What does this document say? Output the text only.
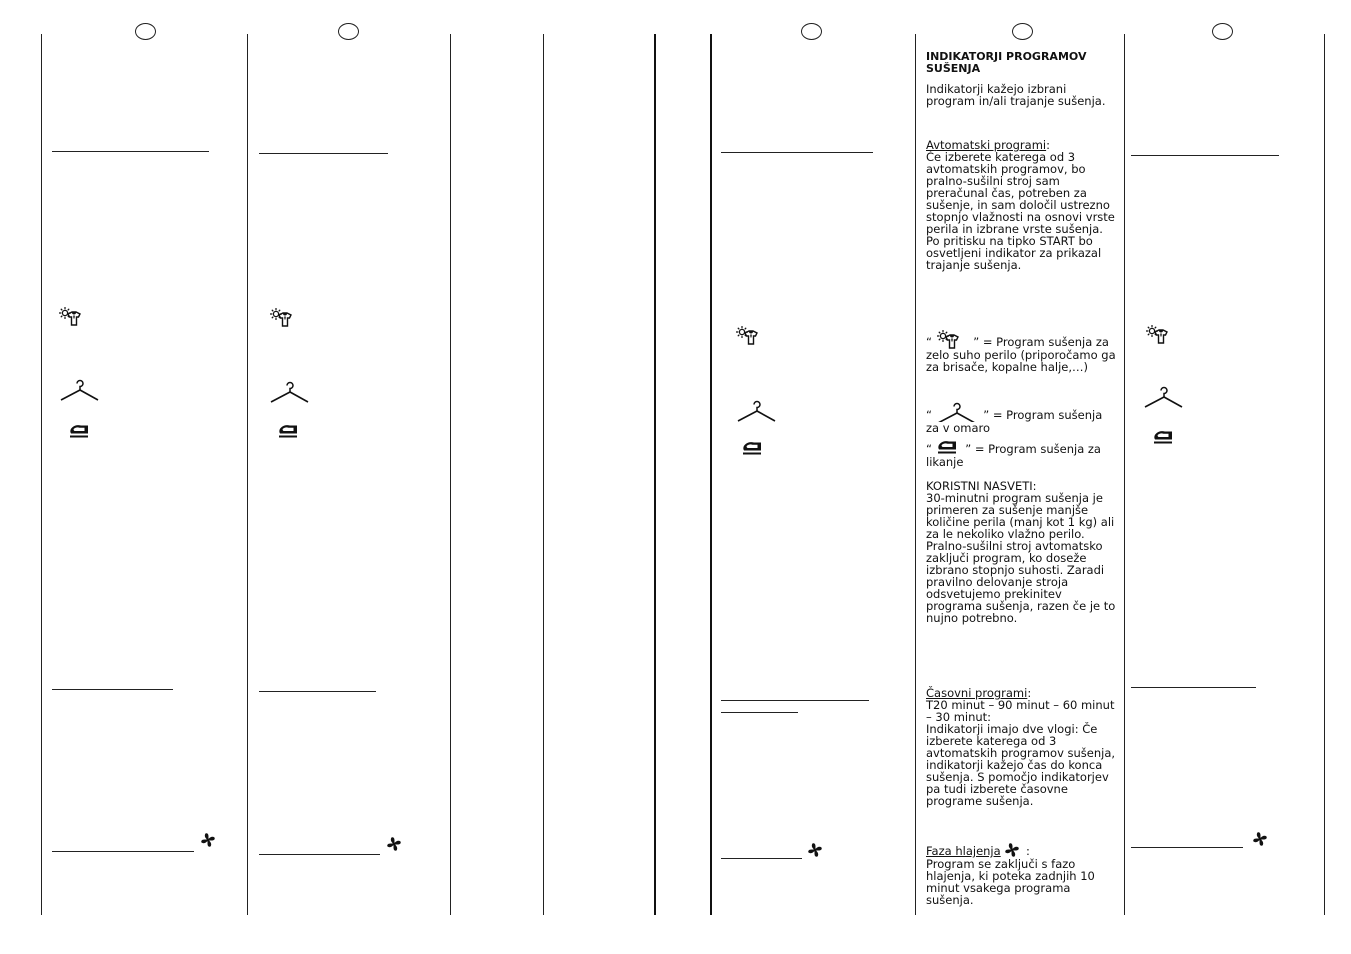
INDIKATORJI PROGRAMOV SUŠENJA

Indikatorji kažejo izbrani program in/ali trajanje sušenja.

Avtomatski programi:

Če izberete katerega od 3 avtomatskih programov, bo pralno-sušilni stroj sam preračunal čas, potreben za sušenje, in sam določil ustrezno stopnjo vlažnosti na osnovi vrste perila in izbrane vrste sušenja.

Po pritisku na tipko START bo osvetljeni indikator za prikazal trajanje sušenja.

“	” = Program sušenja za zelo suho perilo (priporočamo ga za brisače, kopalne halje,…)
“	” = Program sušenja za v omaro
“	” = Program sušenja za likanje

KORISTNI NASVETI:

30-minutni program sušenja je primeren za sušenje manjše količine perila (manj kot 1 kg) ali za le nekoliko vlažno perilo. Pralno-sušilni stroj avtomatsko zaključi program, ko doseže izbrano stopnjo suhosti. Zaradi pravilno delovanje stroja odsvetujemo prekinitev programa sušenja, razen če je to nujno potrebno.

Časovni programi:

T20 minut – 90 minut – 60 minut – 30 minut:

Indikatorji imajo dve vlogi: Če izberete katerega od 3 avtomatskih programov sušenja, indikatorji kažejo čas do konca sušenja. S pomočjo indikatorjev pa tudi izberete časovne programe sušenja.

Faza hlajenja  :

Program se zaključi s fazo hlajenja, ki poteka zadnjih 10 minut vsakega programa sušenja.
